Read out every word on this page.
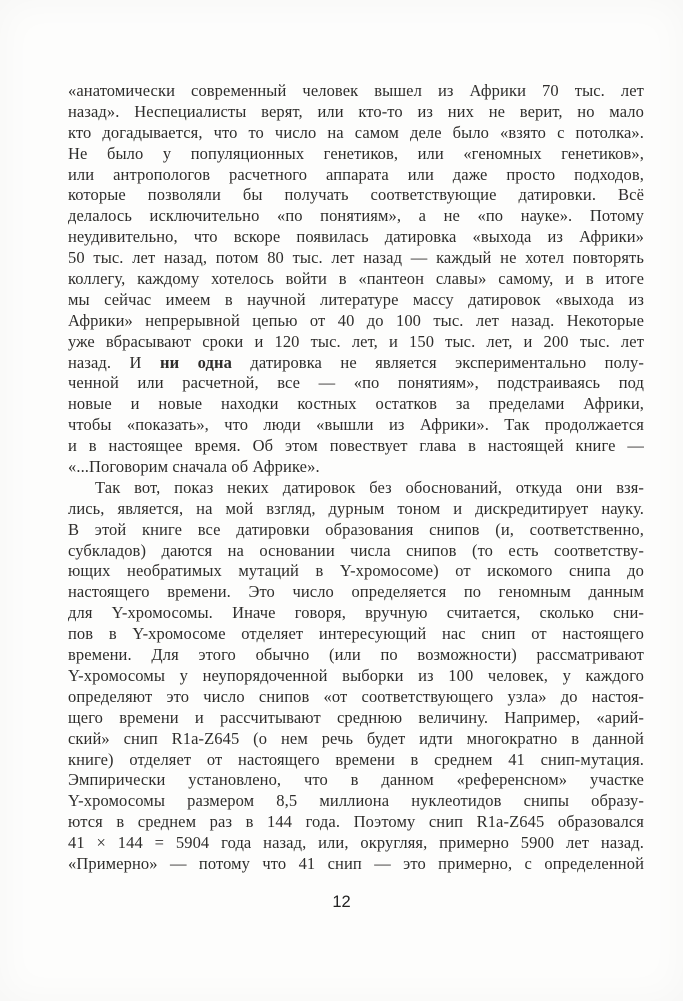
«анатомически современный человек вышел из Африки 70 тыс. лет
назад». Неспециалисты верят, или кто-то из них не верит, но мало
кто догадывается, что то число на самом деле было «взято с потолка».
Не было у популяционных генетиков, или «геномных генетиков»,
или антропологов расчетного аппарата или даже просто подходов,
которые позволяли бы получать соответствующие датировки. Всё
делалось исключительно «по понятиям», а не «по науке». Потому
неудивительно, что вскоре появилась датировка «выхода из Африки»
50 тыс. лет назад, потом 80 тыс. лет назад — каждый не хотел повторять
коллегу, каждому хотелось войти в «пантеон славы» самому, и в итоге
мы сейчас имеем в научной литературе массу датировок «выхода из
Африки» непрерывной цепью от 40 до 100 тыс. лет назад. Некоторые
уже вбрасывают сроки и 120 тыс. лет, и 150 тыс. лет, и 200 тыс. лет
назад. И ни одна датировка не является экспериментально полу-
ченной или расчетной, все — «по понятиям», подстраиваясь под
новые и новые находки костных остатков за пределами Африки,
чтобы «показать», что люди «вышли из Африки». Так продолжается
и в настоящее время. Об этом повествует глава в настоящей книге —
«...Поговорим сначала об Африке».
Так вот, показ неких датировок без обоснований, откуда они взя-
лись, является, на мой взгляд, дурным тоном и дискредитирует науку.
В этой книге все датировки образования снипов (и, соответственно,
субкладов) даются на основании числа снипов (то есть соответству-
ющих необратимых мутаций в Y-хромосоме) от искомого снипа до
настоящего времени. Это число определяется по геномным данным
для Y-хромосомы. Иначе говоря, вручную считается, сколько сни-
пов в Y-хромосоме отделяет интересующий нас снип от настоящего
времени. Для этого обычно (или по возможности) рассматривают
Y-хромосомы у неупорядоченной выборки из 100 человек, у каждого
определяют это число снипов «от соответствующего узла» до настоя-
щего времени и рассчитывают среднюю величину. Например, «арий-
ский» снип R1a-Z645 (о нем речь будет идти многократно в данной
книге) отделяет от настоящего времени в среднем 41 снип-мутация.
Эмпирически установлено, что в данном «референсном» участке
Y-хромосомы размером 8,5 миллиона нуклеотидов снипы образу-
ются в среднем раз в 144 года. Поэтому снип R1a-Z645 образовался
41 × 144 = 5904 года назад, или, округляя, примерно 5900 лет назад.
«Примерно» — потому что 41 снип — это примерно, с определенной
12
